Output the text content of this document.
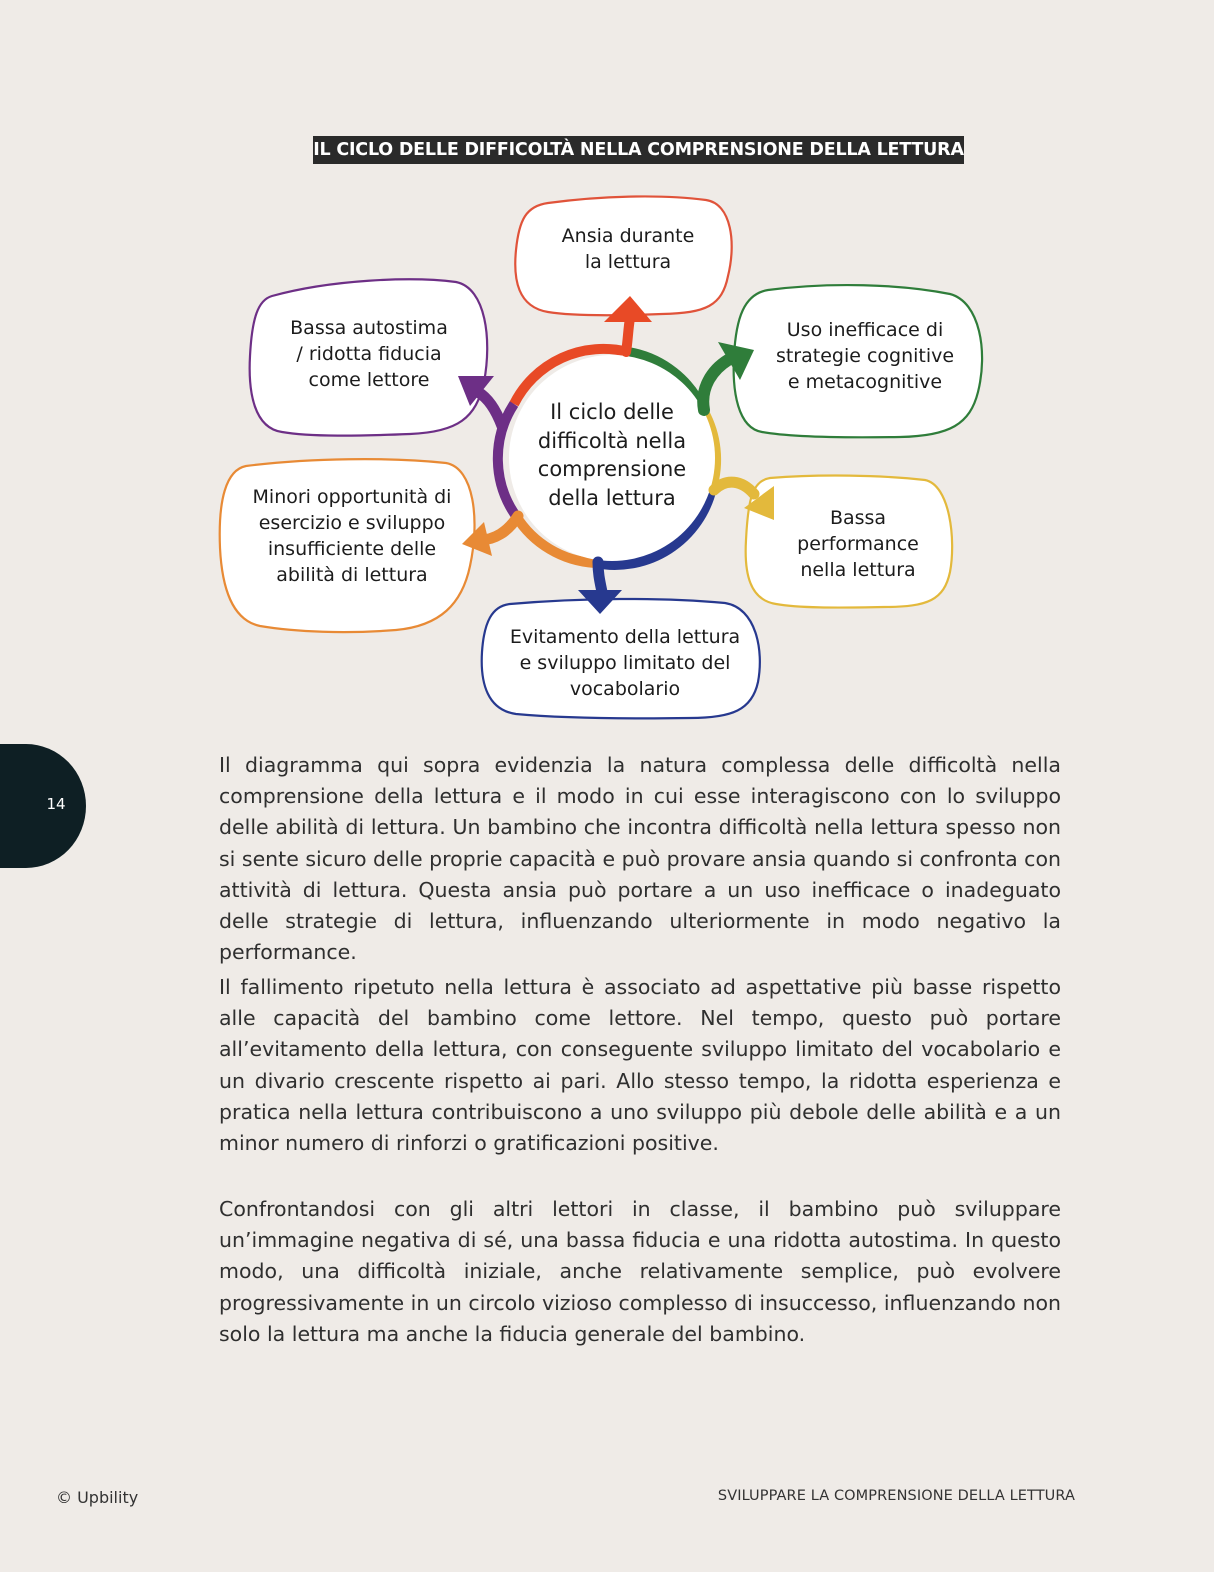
IL CICLO DELLE DIFFICOLTÀ NELLA COMPRENSIONE DELLA LETTURA
Ansia durante
la lettura
Uso inefficace di
strategie cognitive
e metacognitive
Bassa
performance
nella lettura
Evitamento della lettura
e sviluppo limitato del
vocabolario
Minori opportunità di
esercizio e sviluppo
insufficiente delle
abilità di lettura
Bassa autostima
/ ridotta fiducia
come lettore
Il ciclo delle
difficoltà nella
comprensione
della lettura

Il diagramma qui sopra evidenzia la natura complessa delle difficoltà nella comprensione della lettura e il modo in cui esse interagiscono con lo sviluppo delle abilità di lettura. Un bambino che incontra difficoltà nella lettura spesso non si sente sicuro delle proprie capacità e può provare ansia quando si confronta con attività di lettura. Questa ansia può portare a un uso inefficace o inadeguato delle strategie di lettura, influenzando ulteriormente in modo negativo la performance.

Il fallimento ripetuto nella lettura è associato ad aspettative più basse rispetto alle capacità del bambino come lettore. Nel tempo, questo può portare all’evitamento della lettura, con conseguente sviluppo limitato del vocabolario e un divario crescente rispetto ai pari. Allo stesso tempo, la ridotta esperienza e pratica nella lettura contribuiscono a uno sviluppo più debole delle abilità e a un minor numero di rinforzi o gratificazioni positive.

Confrontandosi con gli altri lettori in classe, il bambino può sviluppare un’immagine negativa di sé, una bassa fiducia e una ridotta autostima. In questo modo, una difficoltà iniziale, anche relativamente semplice, può evolvere progressivamente in un circolo vizioso complesso di insuccesso, influenzando non solo la lettura ma anche la fiducia generale del bambino.

14
© Upbility	SVILUPPARE LA COMPRENSIONE DELLA LETTURA
